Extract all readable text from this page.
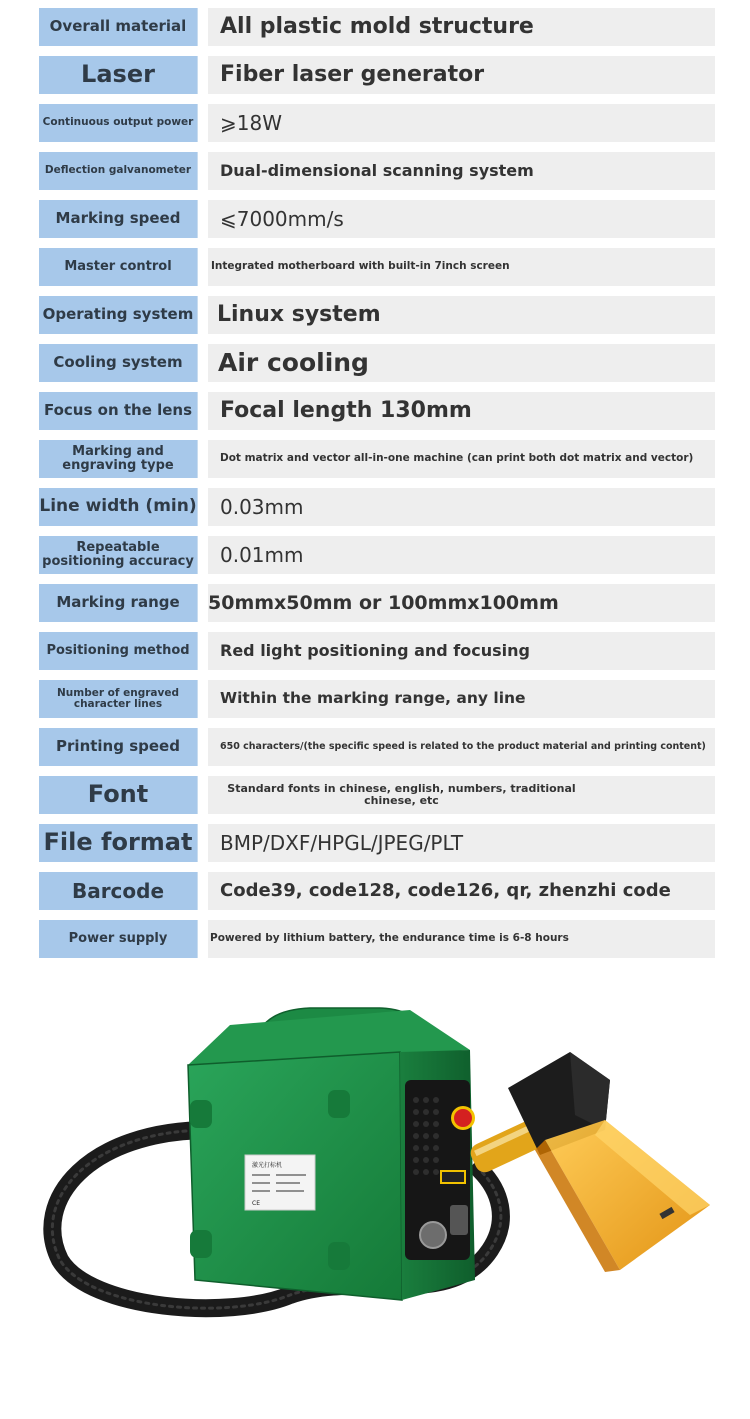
Overall material	All plastic mold structure
Laser	Fiber laser generator
Continuous output power	⩾18W
Deflection galvanometer	Dual-dimensional scanning system
Marking speed	⩽7000mm/s
Master control	Integrated motherboard with built-in 7inch screen
Operating system	Linux system
Cooling system	Air cooling
Focus on the lens	Focal length 130mm
Marking and engraving type	Dot matrix and vector all-in-one machine (can print both dot matrix and vector)
Line width (min)	0.03mm
Repeatable positioning accuracy	0.01mm
Marking range	50mmx50mm or 100mmx100mm
Positioning method	Red light positioning and focusing
Number of engraved character lines	Within the marking range, any line
Printing speed	650 characters/(the specific speed is related to the product material and printing content)
Font	Standard fonts in chinese, english, numbers, traditional chinese, etc
File format	BMP/DXF/HPGL/JPEG/PLT
Barcode	Code39, code128, code126, qr, zhenzhi code
Power supply	Powered by lithium battery, the endurance time is 6-8 hours
激光打标机
CE
